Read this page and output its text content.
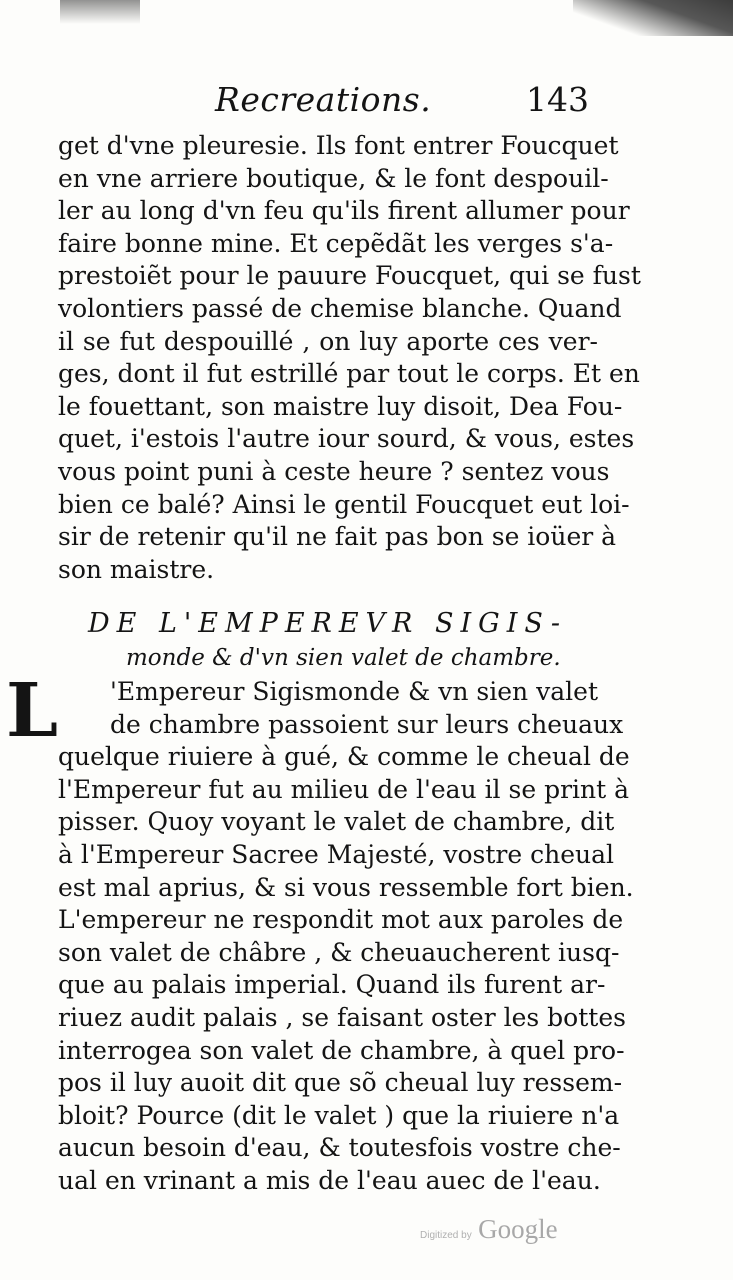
Recreations.	143
get d'vne pleuresie. Ils font entrer Foucquet
en vne arriere boutique, & le font despouil-
ler au long d'vn feu qu'ils firent allumer pour
faire bonne mine. Et cepẽdãt les verges s'a-
prestoiẽt pour le pauure Foucquet, qui se fust
volontiers passé de chemise blanche. Quand
il se fut despouillé , on luy aporte ces ver-
ges, dont il fut estrillé par tout le corps. Et en
le fouettant, son maistre luy disoit, Dea Fou-
quet, i'estois l'autre iour sourd, & vous, estes
vous point puni à ceste heure ? sentez vous
bien ce balé? Ainsi le gentil Foucquet eut loi-
sir de retenir qu'il ne fait pas bon se ioüer à
son maistre.
DE L'EMPEREVR SIGIS-
monde & d'vn sien valet de chambre.
L	'Empereur Sigismonde & vn sien valet
de chambre passoient sur leurs cheuaux
quelque riuiere à gué, & comme le cheual de
l'Empereur fut au milieu de l'eau il se print à
pisser. Quoy voyant le valet de chambre, dit
à l'Empereur Sacree Majesté, vostre cheual
est mal aprius, & si vous ressemble fort bien.
L'empereur ne respondit mot aux paroles de
son valet de châbre , & cheuaucherent iusq-
que au palais imperial. Quand ils furent ar-
riuez audit palais , se faisant oster les bottes
interrogea son valet de chambre, à quel pro-
pos il luy auoit dit que sõ cheual luy ressem-
bloit? Pource (dit le valet ) que la riuiere n'a
aucun besoin d'eau, & toutesfois vostre che-
ual en vrinant a mis de l'eau auec de l'eau.
Digitized by Google
